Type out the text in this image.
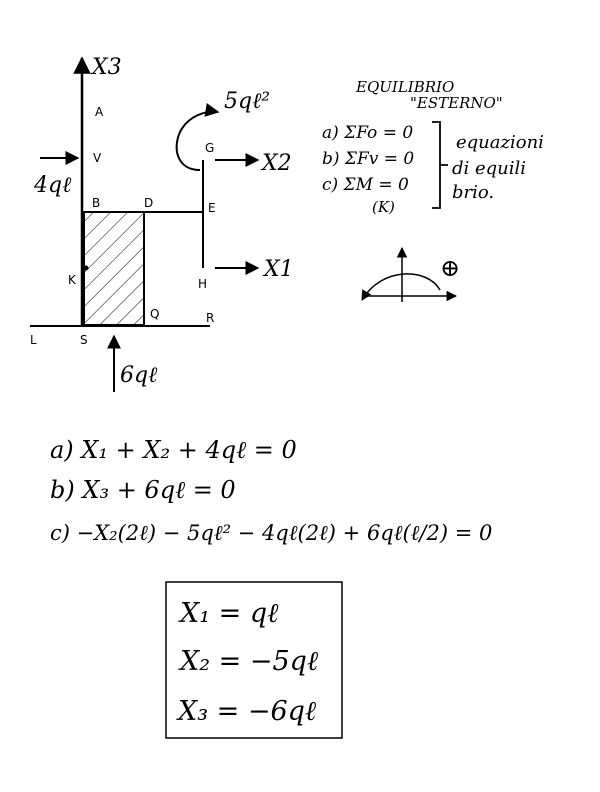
X3
X2
X1
5qℓ²
4qℓ
6qℓ
A
V
B	D	E
G
H
K
S
Q	R
L
⊕
EQUILIBRIO
"ESTERNO"
a) ΣFo = 0
b) ΣFv = 0
c) ΣM = 0
(K)
equazioni
di equili
brio.
a) X₁ + X₂ + 4qℓ = 0
b) X₃ + 6qℓ = 0
c) −X₂(2ℓ) − 5qℓ² − 4qℓ(2ℓ) + 6qℓ(ℓ/2) = 0
X₁ = qℓ
X₂ = −5qℓ
X₃ = −6qℓ
